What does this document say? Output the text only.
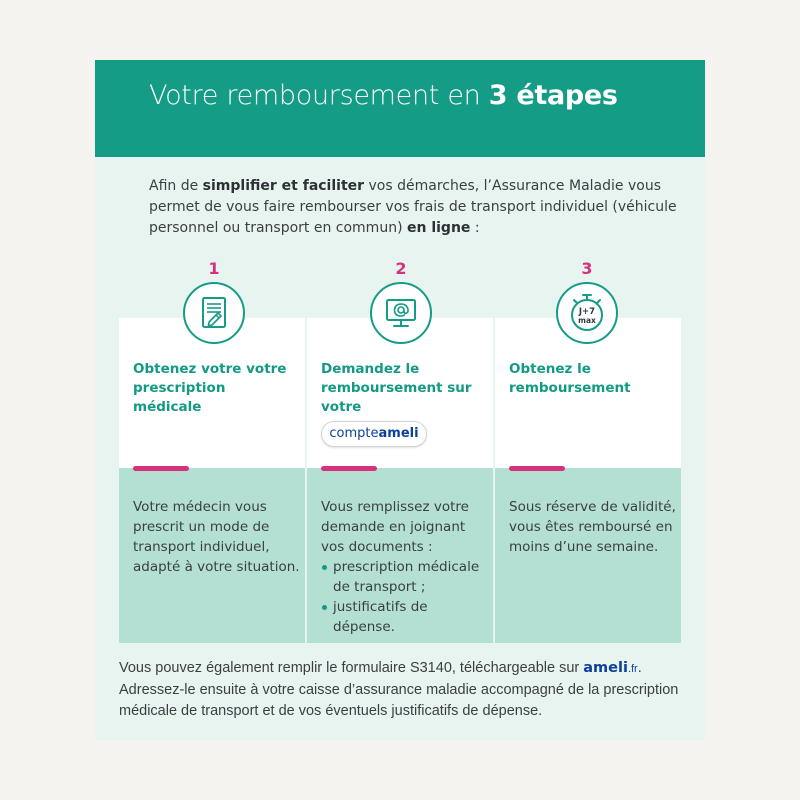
Votre remboursement en 3 étapes
Afin de simplifier et faciliter vos démarches, l’Assurance Maladie vous permet de vous faire rembourser vos frais de transport individuel (véhicule personnel ou transport en commun) en ligne :
1	2	3
Obtenez votre votre prescription médicale
Votre médecin vous prescrit un mode de transport individuel, adapté à votre situation.
Demandez le remboursement sur votre
compteameli
Vous remplissez votre demande en joignant vos documents :
prescription médicale de transport ;
justificatifs de dépense.
Obtenez le remboursement
Sous réserve de validité, vous êtes remboursé en moins d’une semaine.
J+7
max
Vous pouvez également remplir le formulaire S3140, téléchargeable sur ameli.fr. Adressez-le ensuite à votre caisse d’assurance maladie accompagné de la prescription médicale de transport et de vos éventuels justificatifs de dépense.
